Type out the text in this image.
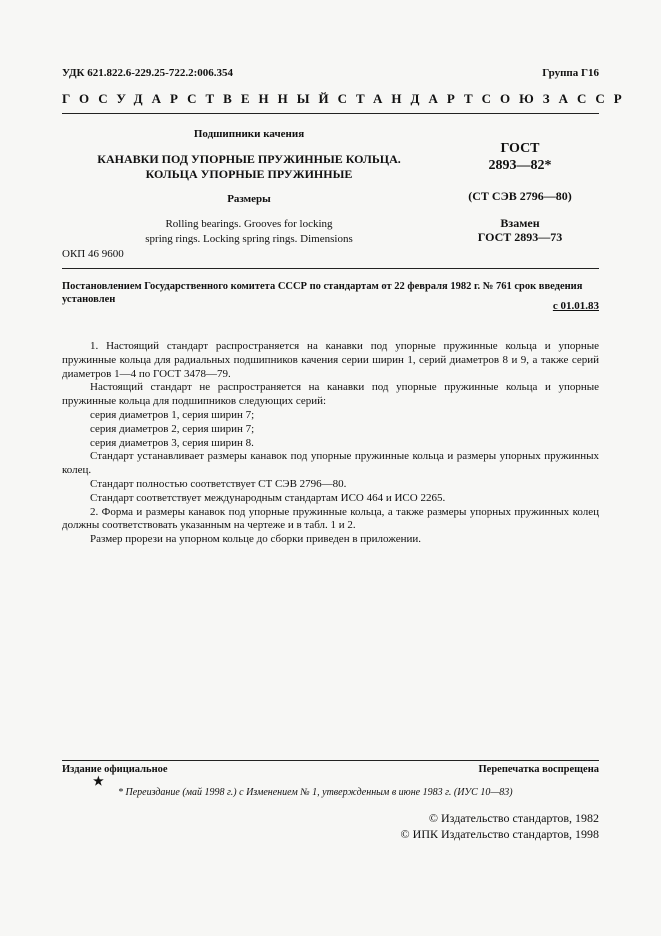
УДК 621.822.6-229.25-722.2:006.354	Группа Г16
ГОСУДАРСТВЕННЫЙ СТАНДАРТ СОЮЗА ССР
Подшипники качения
КАНАВКИ ПОД УПОРНЫЕ ПРУЖИННЫЕ КОЛЬЦА.
КОЛЬЦА УПОРНЫЕ ПРУЖИННЫЕ
Размеры
Rolling bearings. Grooves for locking
spring rings. Locking spring rings. Dimensions
ОКП 46 9600
ГОСТ
2893—82*
(СТ СЭВ 2796—80)
Взамен
ГОСТ 2893—73
Постановлением Государственного комитета СССР по стандартам от 22 февраля 1982 г. № 761 срок введения установлен
с 01.01.83

1. Настоящий стандарт распространяется на канавки под упорные пружинные кольца и упорные пружинные кольца для радиальных подшипников качения серии ширин 1, серий диаметров 8 и 9, а также серий диаметров 1—4 по ГОСТ 3478—79.

Настоящий стандарт не распространяется на канавки под упорные пружинные кольца и упорные пружинные кольца для подшипников следующих серий:

серия диаметров 1, серия ширин 7;

серия диаметров 2, серия ширин 7;

серия диаметров 3, серия ширин 8.

Стандарт устанавливает размеры канавок под упорные пружинные кольца и размеры упорных пружинных колец.

Стандарт полностью соответствует СТ СЭВ 2796—80.

Стандарт соответствует международным стандартам ИСО 464 и ИСО 2265.

2. Форма и размеры канавок под упорные пружинные кольца, а также размеры упорных пружинных колец должны соответствовать указанным на чертеже и в табл. 1 и 2.

Размер прорези на упорном кольце до сборки приведен в приложении.

Издание официальное
★
Перепечатка воспрещена
* Переиздание (май 1998 г.) с Изменением № 1, утвержденным в июне 1983 г. (ИУС 10—83)
© Издательство стандартов, 1982
© ИПК Издательство стандартов, 1998
